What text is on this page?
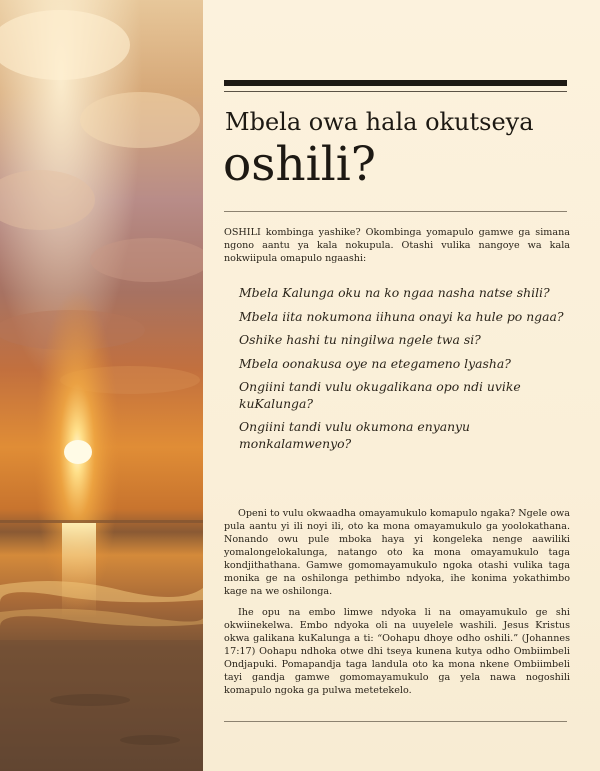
Mbela owa hala okutseya
oshili?
OSHILI kombinga yashike? Okombinga yomapulo gamwe ga simana ngono aantu ya kala nokupula. Otashi vulika nangoye wa kala nokwiipula omapulo ngaashi:
Mbela Kalunga oku na ko ngaa nasha natse shili?
Mbela iita nokumona iihuna onayi ka hule po ngaa?
Oshike hashi tu ningilwa ngele twa si?
Mbela oonakusa oye na etegameno lyasha?
Ongiini tandi vulu okugalikana opo ndi uvike kuKalunga?
Ongiini tandi vulu okumona enyanyu monkalamwenyo?

Openi to vulu okwaadha omayamukulo komapulo ngaka? Ngele owa pula aantu yi ili noyi ili, oto ka mona omayamukulo ga yoolokathana. Nonando owu pule mboka haya yi kongeleka nenge aawiliki yomalongelokalunga, natango oto ka mona omayamukulo taga kondjithathana. Gamwe gomomayamukulo ngoka otashi vulika taga monika ge na oshilonga pethimbo ndyoka, ihe konima yokathimbo kage na we oshilonga.

Ihe opu na embo limwe ndyoka li na omayamukulo ge shi okwiinekelwa. Embo ndyoka oli na uuyelele washili. Jesus Kristus okwa galikana kuKalunga a ti: “Oohapu dhoye odho oshili.” (Johannes 17:17) Oohapu ndhoka otwe dhi tseya kunena kutya odho Ombiimbeli Ondjapuki. Pomapandja taga landula oto ka mona nkene Ombiimbeli tayi gandja gamwe gomomayamukulo ga yela nawa nogoshili komapulo ngoka ga pulwa metetekelo.
